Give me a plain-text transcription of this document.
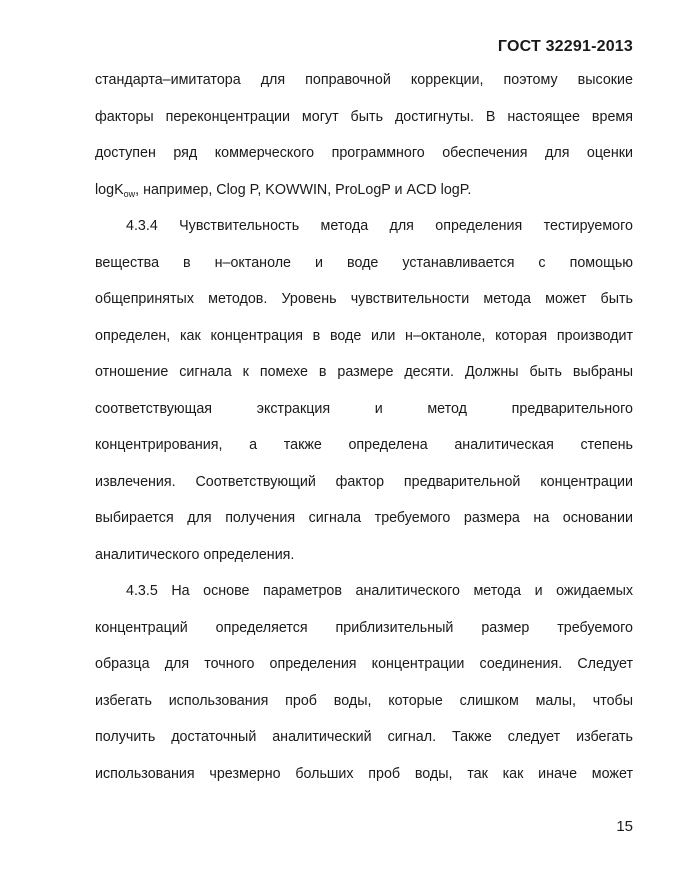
ГОСТ 32291-2013
стандарта–имитатора для поправочной коррекции, поэтому высокие
факторы переконцентрации могут быть достигнуты. В настоящее время
доступен ряд коммерческого программного обеспечения для оценки
logK$_{ow}$, например, Clog P, KOWWIN, ProLogP и ACD logP.
4.3.4 Чувствительность метода для определения тестируемого
вещества в н–октаноле и воде устанавливается с помощью
общепринятых методов. Уровень чувствительности метода может быть
определен, как концентрация в воде или н–октаноле, которая производит
отношение сигнала к помехе в размере десяти. Должны быть выбраны
соответствующая экстракция и метод предварительного
концентрирования, а также определена аналитическая степень
извлечения. Соответствующий фактор предварительной концентрации
выбирается для получения сигнала требуемого размера на основании
аналитического определения.
4.3.5 На основе параметров аналитического метода и ожидаемых
концентраций определяется приблизительный размер требуемого
образца для точного определения концентрации соединения. Следует
избегать использования проб воды, которые слишком малы, чтобы
получить достаточный аналитический сигнал. Также следует избегать
использования чрезмерно больших проб воды, так как иначе может
15
